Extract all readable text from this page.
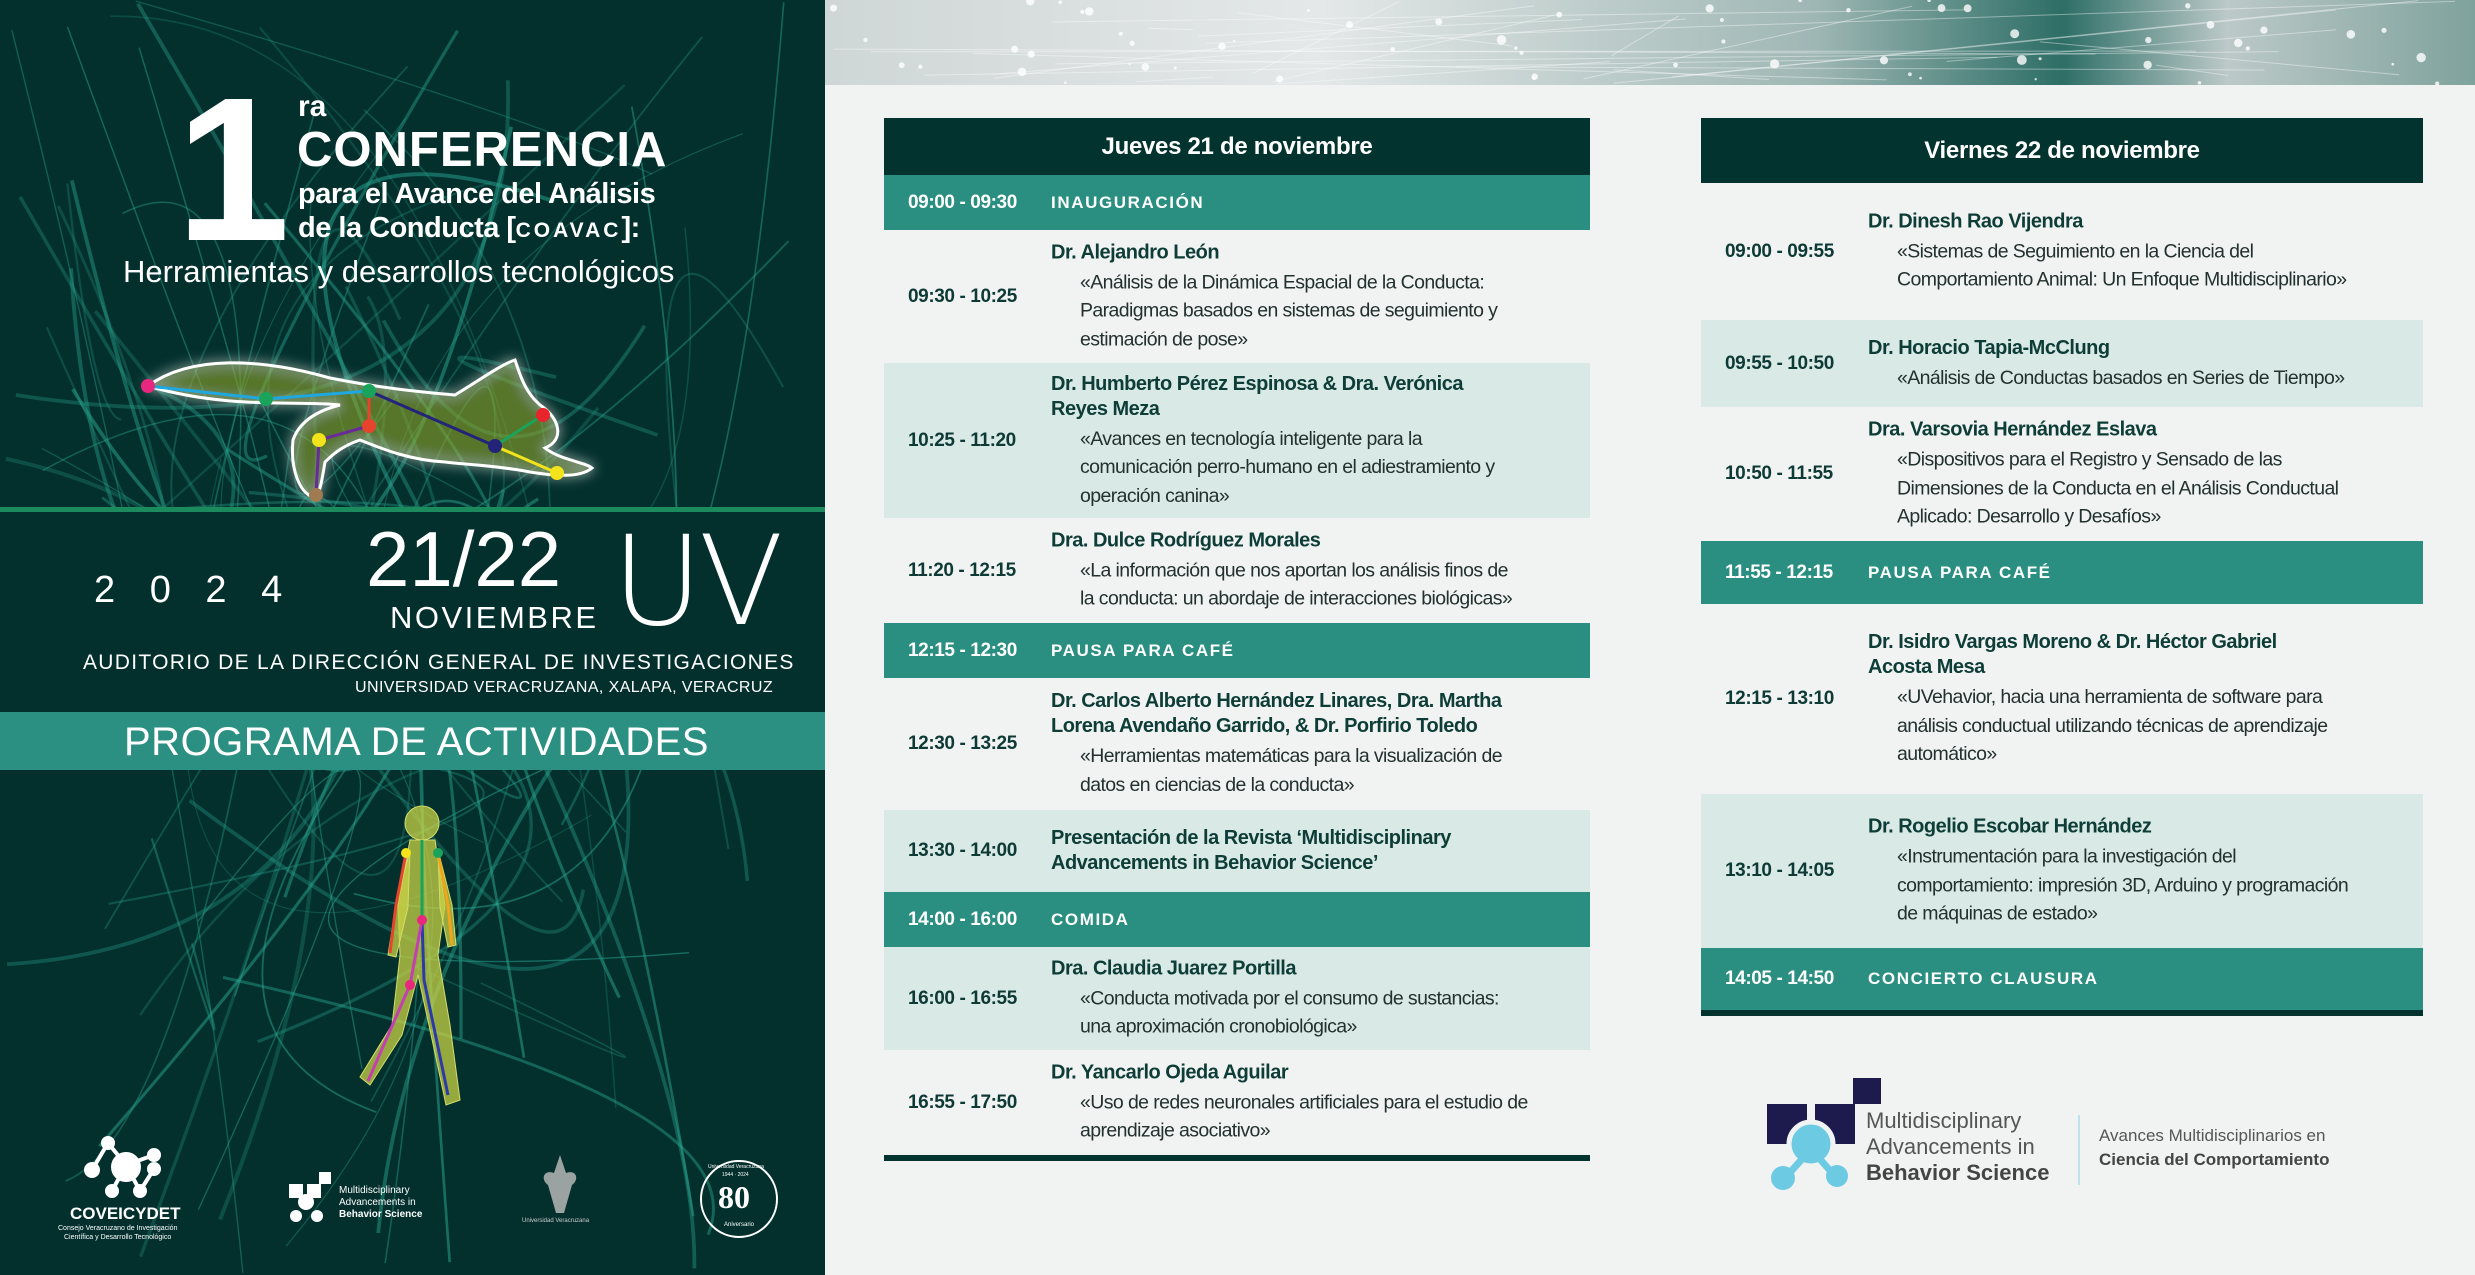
1 ra
CONFERENCIA
para el Avance del Análisis
de la Conducta [COAVAC]:
Herramientas y desarrollos tecnológicos
2 0 2 4 21/22
NOVIEMBRE UV
AUDITORIO DE LA DIRECCIÓN GENERAL DE INVESTIGACIONES
UNIVERSIDAD VERACRUZANA, XALAPA, VERACRUZ
PROGRAMA DE ACTIVIDADES
COVEICYDET
Consejo Veracruzano de Investigación
Científica y Desarrollo Tecnológico
Multidisciplinary
Advancements in
Behavior Science
Universidad Veracruzana
Universidad Veracruzana
1944 · 2024
80
Aniversario
Jueves 21 de noviembre
09:00 - 09:30 INAUGURACIÓN
09:30 - 10:25
Dr. Alejandro León
«Análisis de la Dinámica Espacial de la Conducta:
Paradigmas basados en sistemas de seguimiento y
estimación de pose»
10:25 - 11:20
Dr. Humberto Pérez Espinosa & Dra. Verónica
Reyes Meza
«Avances en tecnología inteligente para la
comunicación perro-humano en el adiestramiento y
operación canina»
11:20 - 12:15
Dra. Dulce Rodríguez Morales
«La información que nos aportan los análisis finos de
la conducta: un abordaje de interacciones biológicas»
12:15 - 12:30 PAUSA PARA CAFÉ
12:30 - 13:25
Dr. Carlos Alberto Hernández Linares, Dra. Martha
Lorena Avendaño Garrido, & Dr. Porfirio Toledo
«Herramientas matemáticas para la visualización de
datos en ciencias de la conducta»
13:30 - 14:00
Presentación de la Revista ‘Multidisciplinary
Advancements in Behavior Science’
14:00 - 16:00 COMIDA
16:00 - 16:55
Dra. Claudia Juarez Portilla
«Conducta motivada por el consumo de sustancias:
una aproximación cronobiológica»
16:55 - 17:50
Dr. Yancarlo Ojeda Aguilar
«Uso de redes neuronales artificiales para el estudio de
aprendizaje asociativo»
Viernes 22 de noviembre
09:00 - 09:55
Dr. Dinesh Rao Vijendra
«Sistemas de Seguimiento en la Ciencia del
Comportamiento Animal: Un Enfoque Multidisciplinario»
09:55 - 10:50
Dr. Horacio Tapia-McClung
«Análisis de Conductas basados en Series de Tiempo»
10:50 - 11:55
Dra. Varsovia Hernández Eslava
«Dispositivos para el Registro y Sensado de las
Dimensiones de la Conducta en el Análisis Conductual
Aplicado: Desarrollo y Desafíos»
11:55 - 12:15 PAUSA PARA CAFÉ
12:15 - 13:10
Dr. Isidro Vargas Moreno & Dr. Héctor Gabriel
Acosta Mesa
«UVehavior, hacia una herramienta de software para
análisis conductual utilizando técnicas de aprendizaje
automático»
13:10 - 14:05
Dr. Rogelio Escobar Hernández
«Instrumentación para la investigación del
comportamiento: impresión 3D, Arduino y programación
de máquinas de estado»
14:05 - 14:50 CONCIERTO CLAUSURA
Multidisciplinary
Advancements in
Behavior Science
Avances Multidisciplinarios en
Ciencia del Comportamiento
